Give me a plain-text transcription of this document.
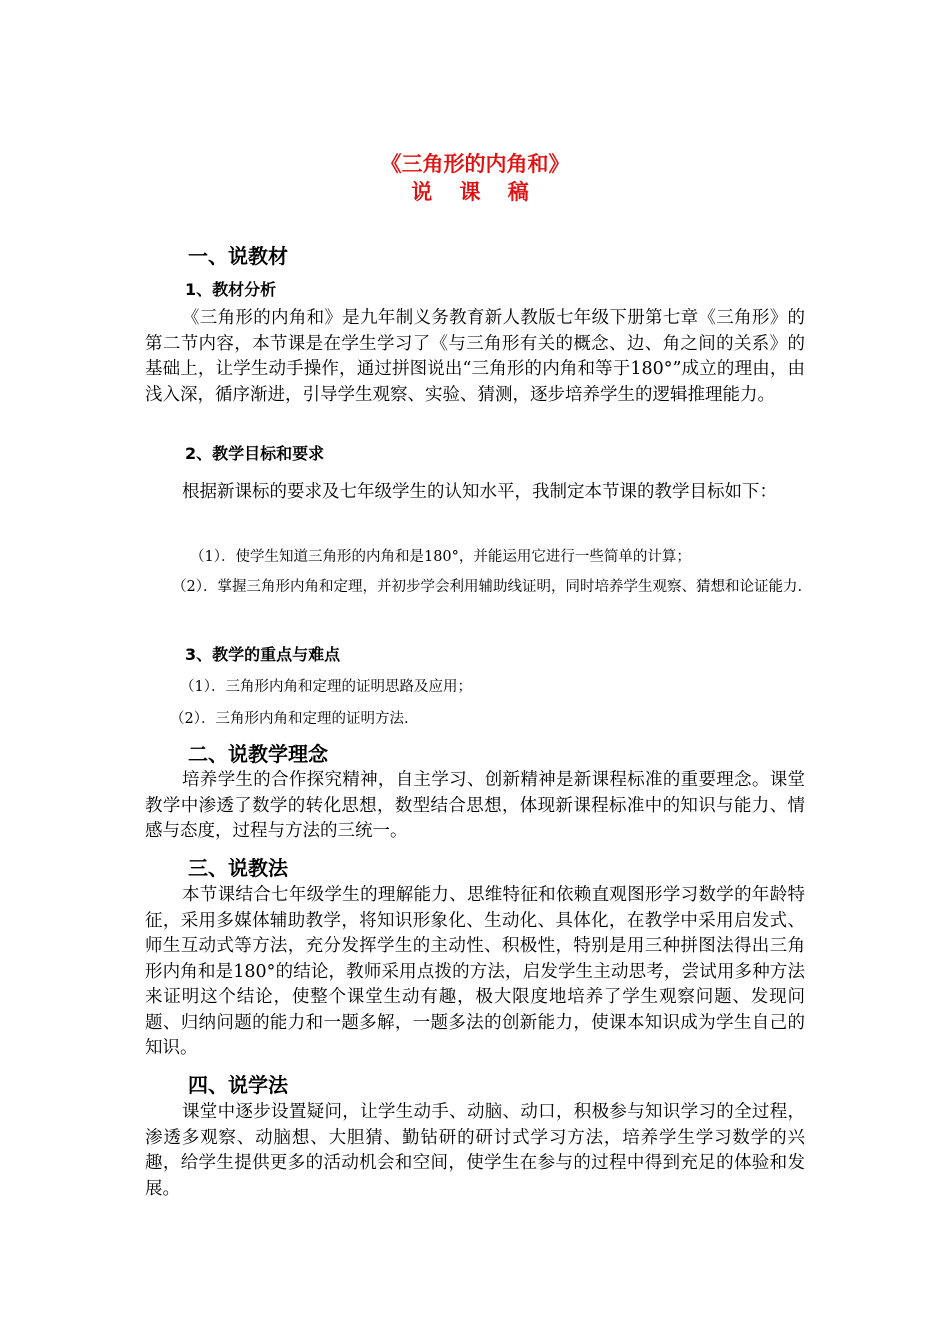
《三角形的内角和》
说 课 稿
一、说教材
1、教材分析
《三角形的内角和》是九年制义务教育新人教版七年级下册第七章《三角形》的第二节内容，本节课是在学生学习了《与三角形有关的概念、边、角之间的关系》的基础上，让学生动手操作，通过拼图说出“三角形的内角和等于180°”成立的理由，由浅入深，循序渐进，引导学生观察、实验、猜测，逐步培养学生的逻辑推理能力。
2、教学目标和要求
根据新课标的要求及七年级学生的认知水平，我制定本节课的教学目标如下：
（1）．使学生知道三角形的内角和是180°，并能运用它进行一些简单的计算；
（2）．掌握三角形内角和定理，并初步学会利用辅助线证明，同时培养学生观察、猜想和论证能力.
3、教学的重点与难点
（1）．三角形内角和定理的证明思路及应用；
（2）．三角形内角和定理的证明方法.
二、说教学理念
培养学生的合作探究精神，自主学习、创新精神是新课程标准的重要理念。课堂教学中渗透了数学的转化思想，数型结合思想，体现新课程标准中的知识与能力、情感与态度，过程与方法的三统一。
三、说教法
本节课结合七年级学生的理解能力、思维特征和依赖直观图形学习数学的年龄特征，采用多媒体辅助教学，将知识形象化、生动化、具体化，在教学中采用启发式、师生互动式等方法，充分发挥学生的主动性、积极性，特别是用三种拼图法得出三角形内角和是180°的结论，教师采用点拨的方法，启发学生主动思考，尝试用多种方法来证明这个结论，使整个课堂生动有趣，极大限度地培养了学生观察问题、发现问题、归纳问题的能力和一题多解，一题多法的创新能力，使课本知识成为学生自己的知识。
四、说学法
课堂中逐步设置疑问，让学生动手、动脑、动口，积极参与知识学习的全过程，渗透多观察、动脑想、大胆猜、勤钻研的研讨式学习方法，培养学生学习数学的兴趣，给学生提供更多的活动机会和空间，使学生在参与的过程中得到充足的体验和发展。
